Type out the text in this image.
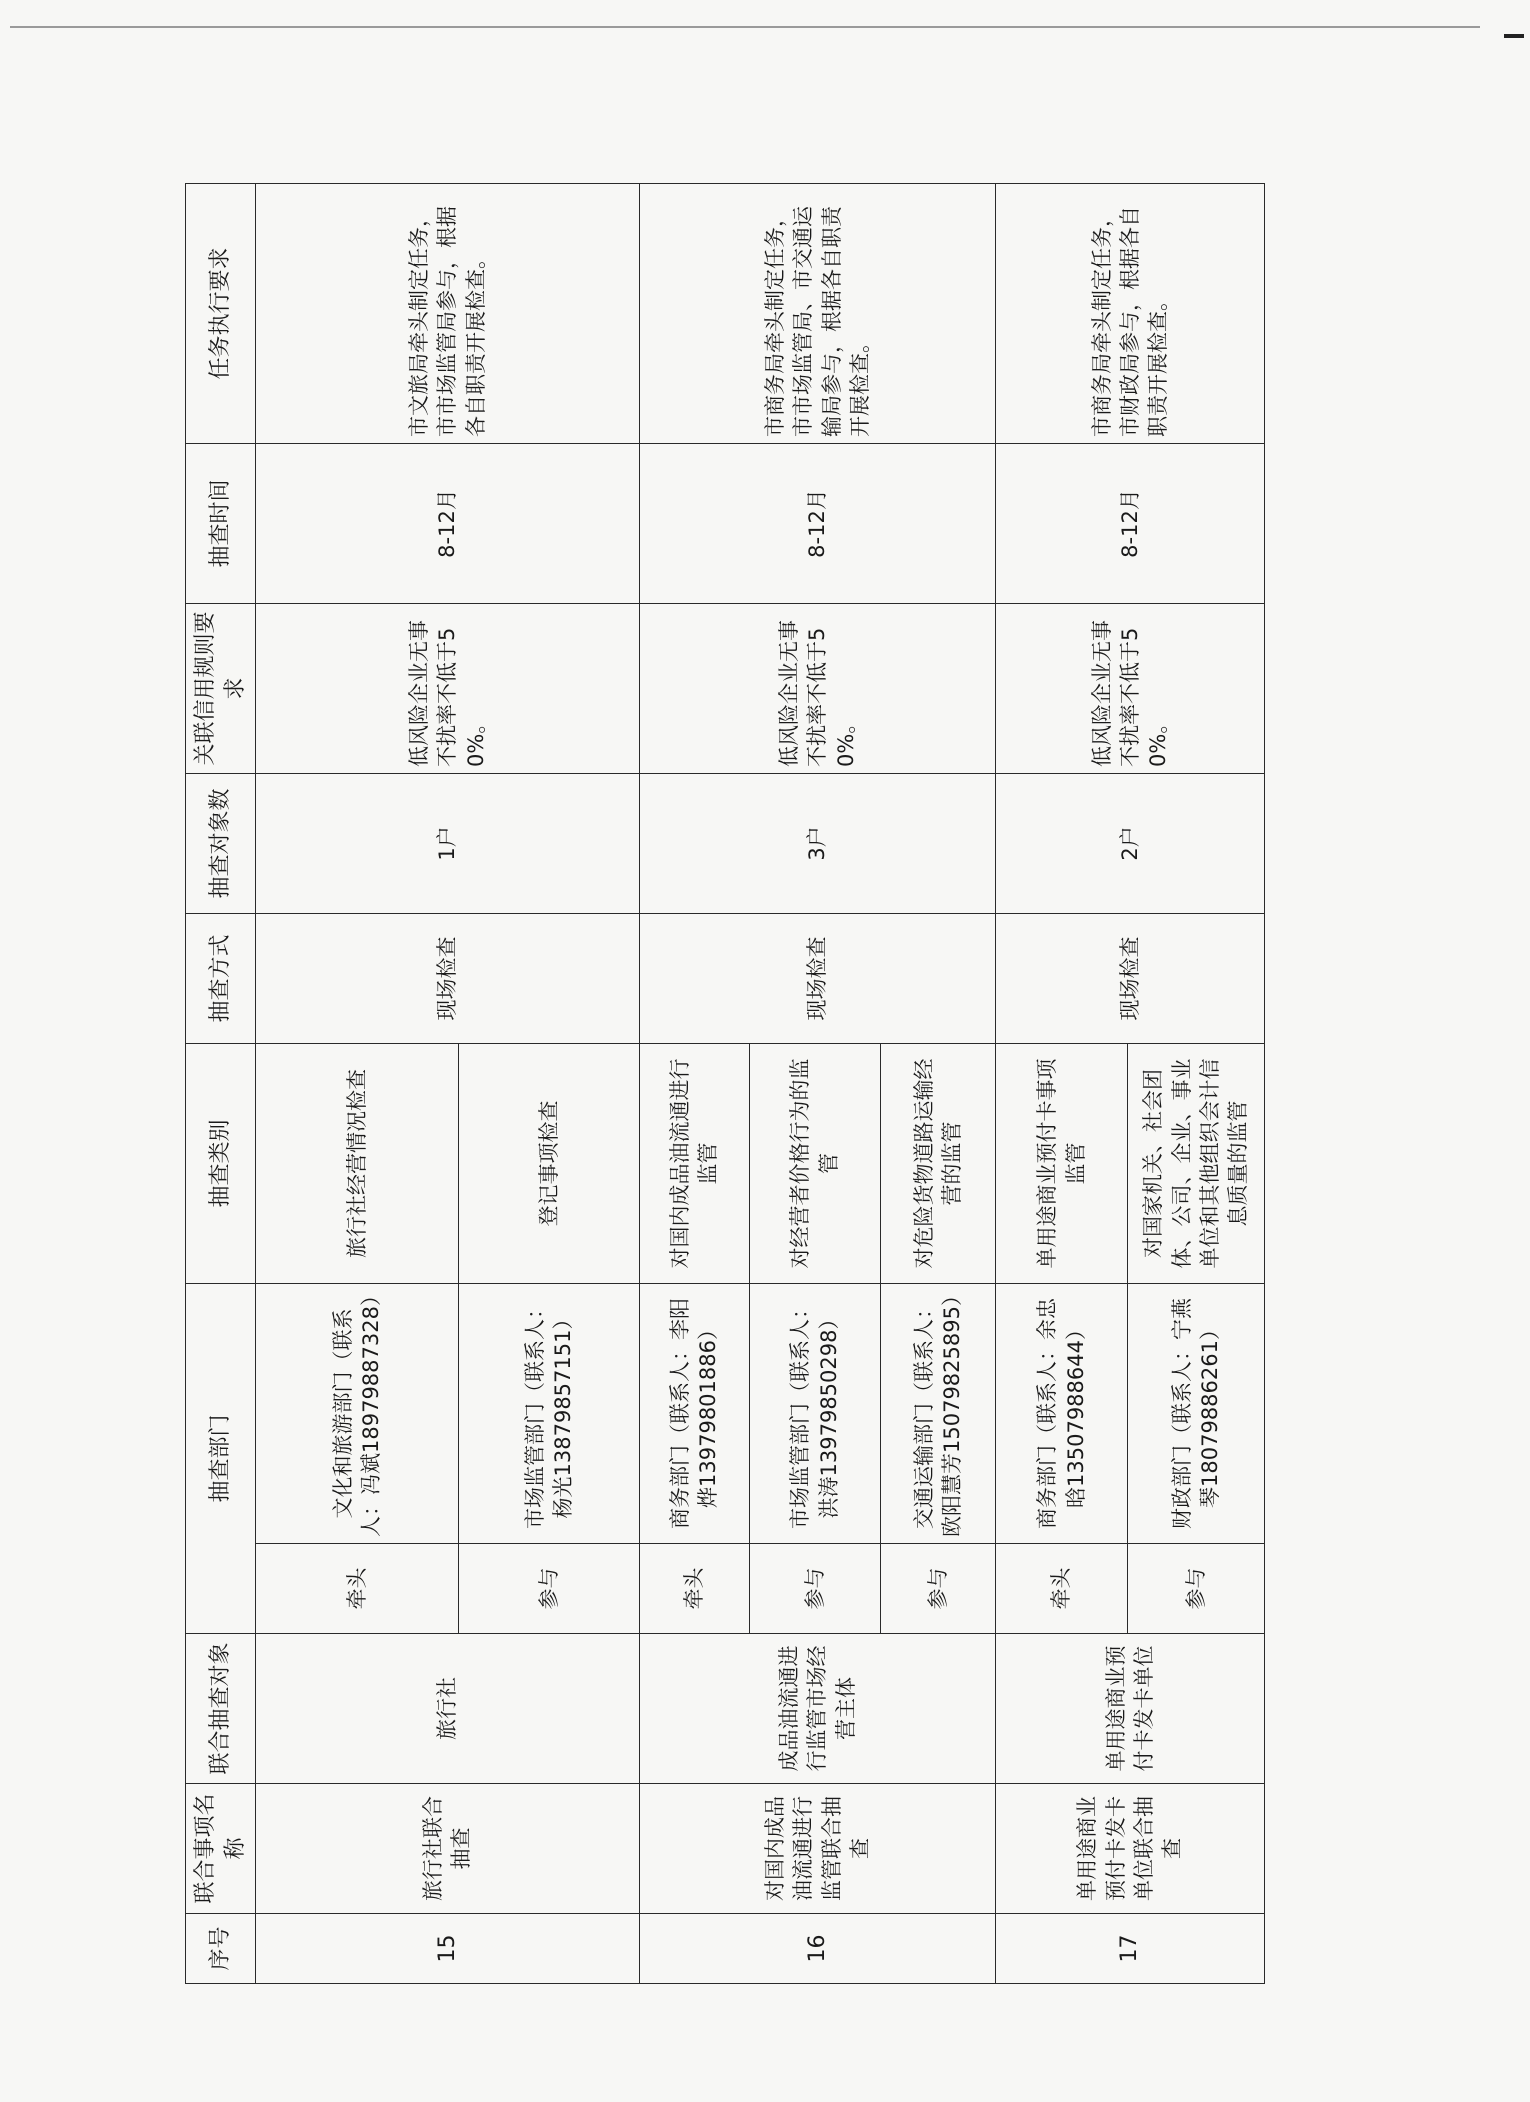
序号	联合事项名称	联合抽查对象	抽查部门		抽查类别	抽查方式	抽查对象数	关联信用规则要求	抽查时间	任务执行要求
15	旅行社联合抽查	旅行社	牵头	文化和旅游部门（联系人：冯斌18979887328）	旅行社经营情况检查	现场检查	1户	低风险企业无事不扰率不低于50%。	8-12月	市文旅局牵头制定任务，市市场监管局参与，根据各自职责开展检查。
			参与	市场监管部门（联系人：杨光13879857151）	登记事项检查					
16	对国内成品油流通进行监管联合抽查	成品油流通进行监管市场经营主体	牵头	商务部门（联系人：李阳烨13979801886）	对国内成品油流通进行监管	现场检查	3户	低风险企业无事不扰率不低于50%。	8-12月	市商务局牵头制定任务，市市场监管局、市交通运输局参与，根据各自职责开展检查。
			参与	市场监管部门（联系人：洪涛13979850298）	对经营者价格行为的监管					
			参与	交通运输部门（联系人：欧阳慧芳15079825895）	对危险货物道路运输经营的监管					
17	单用途商业预付卡发卡单位联合抽查	单用途商业预付卡发卡单位	牵头	商务部门（联系人：余忠晗13507988644）	单用途商业预付卡事项监管	现场检查	2户	低风险企业无事不扰率不低于50%。	8-12月	市商务局牵头制定任务，市财政局参与，根据各自职责开展检查。
			参与	财政部门（联系人：宁燕琴18079886261）	对国家机关、社会团体、公司、企业、事业单位和其他组织会计信息质量的监管					
